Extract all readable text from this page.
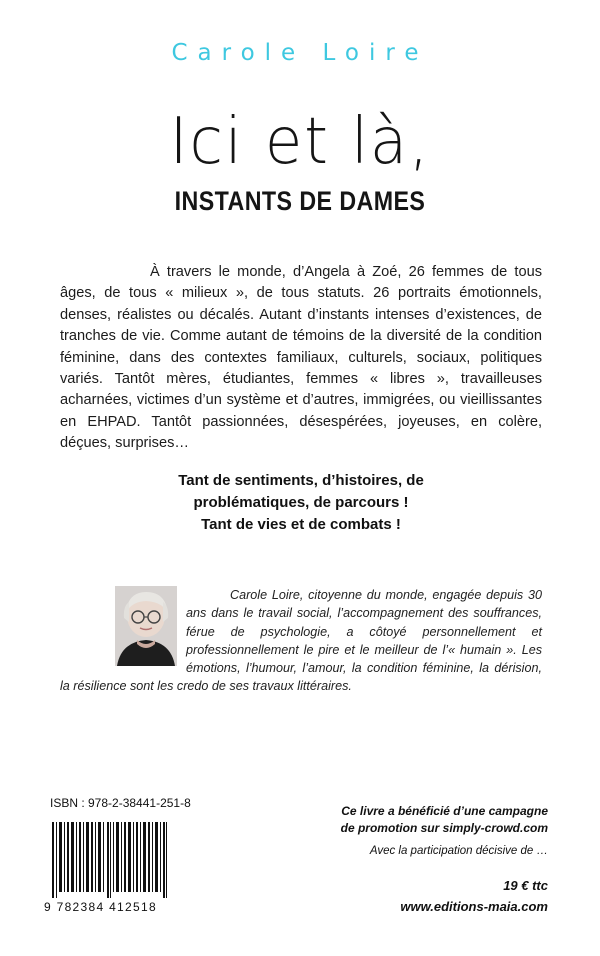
Carole Loire
Ici et là,
INSTANTS DE DAMES

À travers le monde, d’Angela à Zoé, 26 femmes de tous âges, de tous « milieux », de tous statuts. 26 portraits émotionnels, denses, réalistes ou décalés. Autant d’instants intenses d’existences, de tranches de vie. Comme autant de témoins de la diversité de la condition féminine, dans des contextes familiaux, culturels, sociaux, politiques variés. Tantôt mères, étudiantes, femmes « libres », travailleuses acharnées, victimes d’un système et d’autres, immigrées, ou vieillissantes en EHPAD. Tantôt passionnées, désespérées, joyeuses, en colère, déçues, surprises…

Tant de sentiments, d’histoires, de
problématiques, de parcours !
Tant de vies et de combats !
Carole Loire, citoyenne du monde, engagée depuis 30 ans dans le travail social, l’accompagnement des souffrances, férue de psychologie, a côtoyé personnellement et professionnellement le pire et le meilleur de l’« humain ». Les émotions, l’humour, l’amour, la condition féminine, la dérision, la résilience sont les credo de ses travaux littéraires.
ISBN : 978-2-38441-251-8
9 782384 412518
Ce livre a bénéficié d’une campagne
de promotion sur simply-crowd.com
Avec la participation décisive de …
19 € ttc
www.editions-maia.com
